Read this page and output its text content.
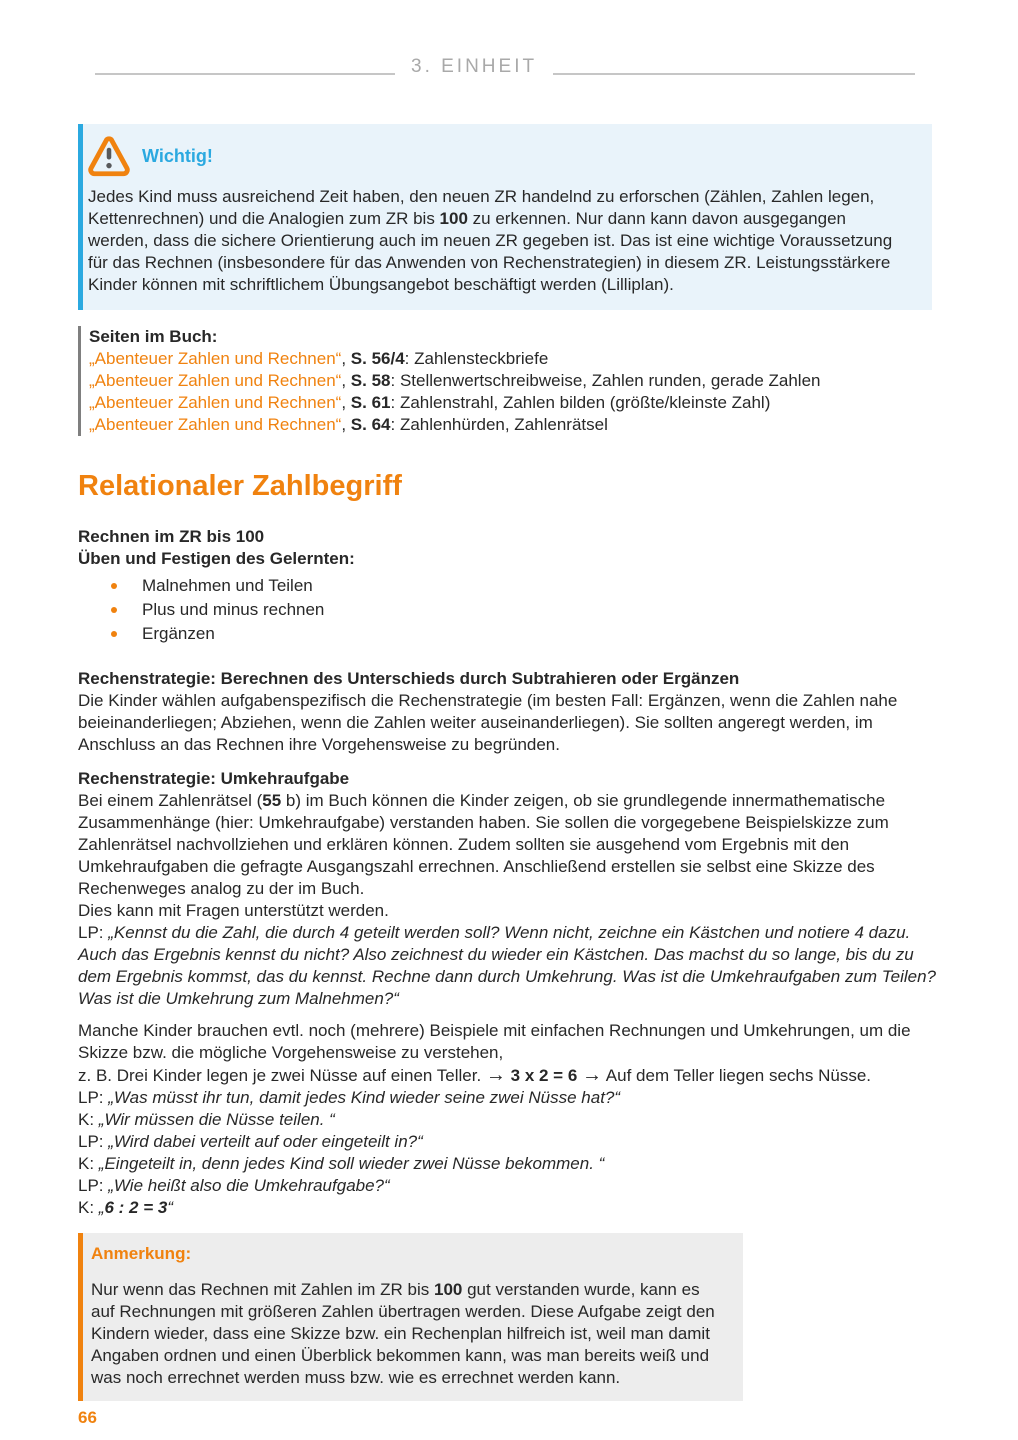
3. EINHEIT
Wichtig!

Jedes Kind muss ausreichend Zeit haben, den neuen ZR handelnd zu erforschen (Zählen, Zahlen legen, Kettenrechnen) und die Analogien zum ZR bis 100 zu erkennen. Nur dann kann davon ausgegangen werden, dass die sichere Orientierung auch im neuen ZR gegeben ist. Das ist eine wichtige Voraussetzung für das Rechnen (insbesondere für das Anwenden von Rechenstrategien) in diesem ZR. Leistungsstärkere Kinder können mit schriftlichem Übungsangebot beschäftigt werden (Lilliplan).

Seiten im Buch:
„Abenteuer Zahlen und Rechnen“, S. 56/4: Zahlensteckbriefe
„Abenteuer Zahlen und Rechnen“, S. 58: Stellenwertschreibweise, Zahlen runden, gerade Zahlen
„Abenteuer Zahlen und Rechnen“, S. 61: Zahlenstrahl, Zahlen bilden (größte/kleinste Zahl)
„Abenteuer Zahlen und Rechnen“, S. 64: Zahlenhürden, Zahlenrätsel
Relationaler Zahlbegriff
Rechnen im ZR bis 100
Üben und Festigen des Gelernten:
Malnehmen und Teilen
Plus und minus rechnen
Ergänzen
Rechenstrategie: Berechnen des Unterschieds durch Subtrahieren oder Ergänzen

Die Kinder wählen aufgabenspezifisch die Rechenstrategie (im besten Fall: Ergänzen, wenn die Zahlen nahe beieinanderliegen; Abziehen, wenn die Zahlen weiter auseinanderliegen). Sie sollten angeregt werden, im Anschluss an das Rechnen ihre Vorgehensweise zu begründen.

Rechenstrategie: Umkehraufgabe

Bei einem Zahlenrätsel (55 b) im Buch können die Kinder zeigen, ob sie grundlegende innermathematische Zusammenhänge (hier: Umkehraufgabe) verstanden haben. Sie sollen die vorgegebene Beispielskizze zum Zahlenrätsel nachvollziehen und erklären können. Zudem sollten sie ausgehend vom Ergebnis mit den Umkehraufgaben die gefragte Ausgangszahl errechnen. Anschließend erstellen sie selbst eine Skizze des Rechenweges analog zu der im Buch.

Dies kann mit Fragen unterstützt werden.

LP: „Kennst du die Zahl, die durch 4 geteilt werden soll? Wenn nicht, zeichne ein Kästchen und notiere 4 dazu. Auch das Ergebnis kennst du nicht? Also zeichnest du wieder ein Kästchen. Das machst du so lange, bis du zu dem Ergebnis kommst, das du kennst. Rechne dann durch Umkehrung. Was ist die Umkehraufgaben zum Teilen? Was ist die Umkehrung zum Malnehmen?“

Manche Kinder brauchen evtl. noch (mehrere) Beispiele mit einfachen Rechnungen und Umkehrungen, um die Skizze bzw. die mögliche Vorgehensweise zu verstehen,

z. B. Drei Kinder legen je zwei Nüsse auf einen Teller. → 3 x 2 = 6 → Auf dem Teller liegen sechs Nüsse.

LP: „Was müsst ihr tun, damit jedes Kind wieder seine zwei Nüsse hat?“
K: „Wir müssen die Nüsse teilen. “
LP: „Wird dabei verteilt auf oder eingeteilt in?“
K: „Eingeteilt in, denn jedes Kind soll wieder zwei Nüsse bekommen. “
LP: „Wie heißt also die Umkehraufgabe?“
K: „6 : 2 = 3“
Anmerkung:

Nur wenn das Rechnen mit Zahlen im ZR bis 100 gut verstanden wurde, kann es auf Rechnungen mit größeren Zahlen übertragen werden. Diese Aufgabe zeigt den Kindern wieder, dass eine Skizze bzw. ein Rechenplan hilfreich ist, weil man damit Angaben ordnen und einen Überblick bekommen kann, was man bereits weiß und was noch errechnet werden muss bzw. wie es errechnet werden kann.

66
